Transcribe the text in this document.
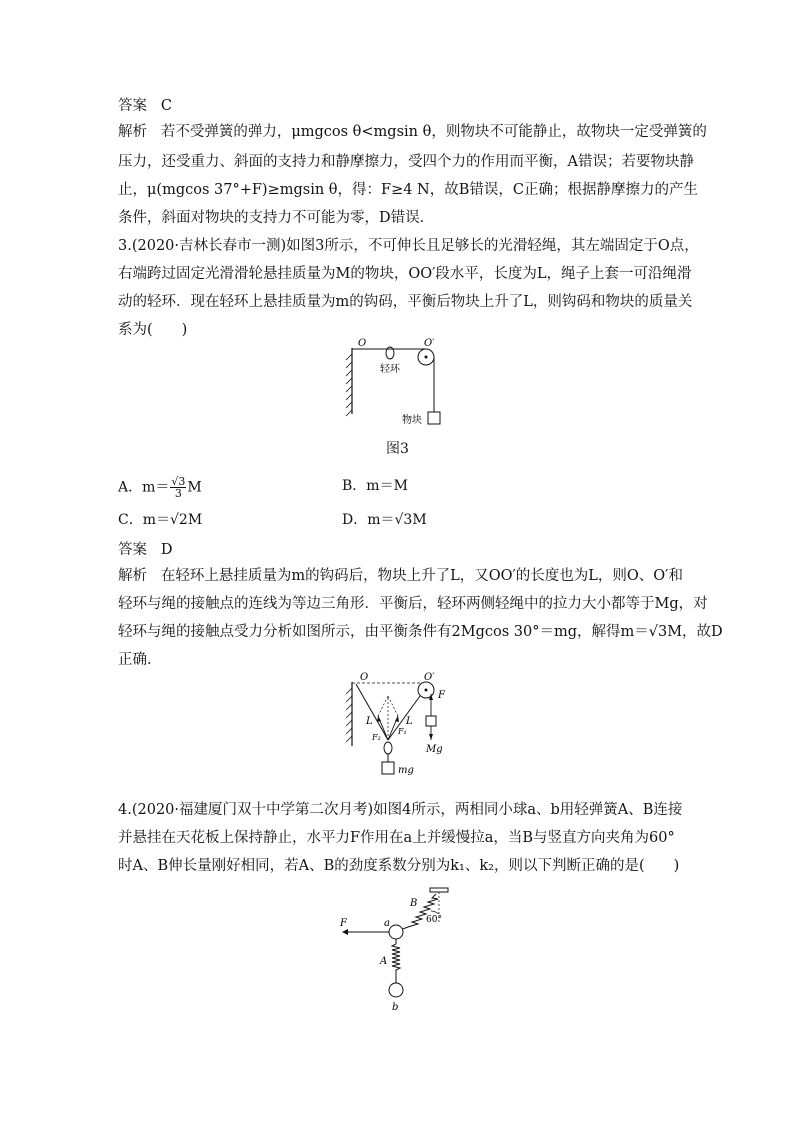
答案 C
解析 若不受弹簧的弹力，μmgcos θ<mgsin θ，则物块不可能静止，故物块一定受弹簧的
压力，还受重力、斜面的支持力和静摩擦力，受四个力的作用而平衡，A错误；若要物块静
止，μ(mgcos 37°+F)≥mgsin θ，得：F≥4 N，故B错误，C正确；根据静摩擦力的产生
条件，斜面对物块的支持力不可能为零，D错误．
3.(2020·吉林长春市一测)如图3所示，不可伸长且足够长的光滑轻绳，其左端固定于O点，
右端跨过固定光滑滑轮悬挂质量为M的物块，OO′段水平，长度为L，绳子上套一可沿绳滑
动的轻环．现在轻环上悬挂质量为m的钩码，平衡后物块上升了L，则钩码和物块的质量关
系为(　　)
O	O′
轻环
物块
图3
A．$m= \frac{√3}{3}$ M	B．m＝M
C．m＝√2M	D．m＝√3M
答案 D
解析 在轻环上悬挂质量为m的钩码后，物块上升了L，又OO′的长度也为L，则O、O′和
轻环与绳的接触点的连线为等边三角形．平衡后，轻环两侧轻绳中的拉力大小都等于Mg，对
轻环与绳的接触点受力分析如图所示，由平衡条件有2Mgcos 30°＝mg，解得m＝√3M，故D
正确．
O	O′
L	L
F
F₁
F₂
Mg
mg
4.(2020·福建厦门双十中学第二次月考)如图4所示，两相同小球a、b用轻弹簧A、B连接
并悬挂在天花板上保持静止，水平力F作用在a上并缓慢拉a，当B与竖直方向夹角为60°
时A、B伸长量刚好相同，若A、B的劲度系数分别为k₁、k₂，则以下判断正确的是(　　)
F	a
b
A
B
60°
